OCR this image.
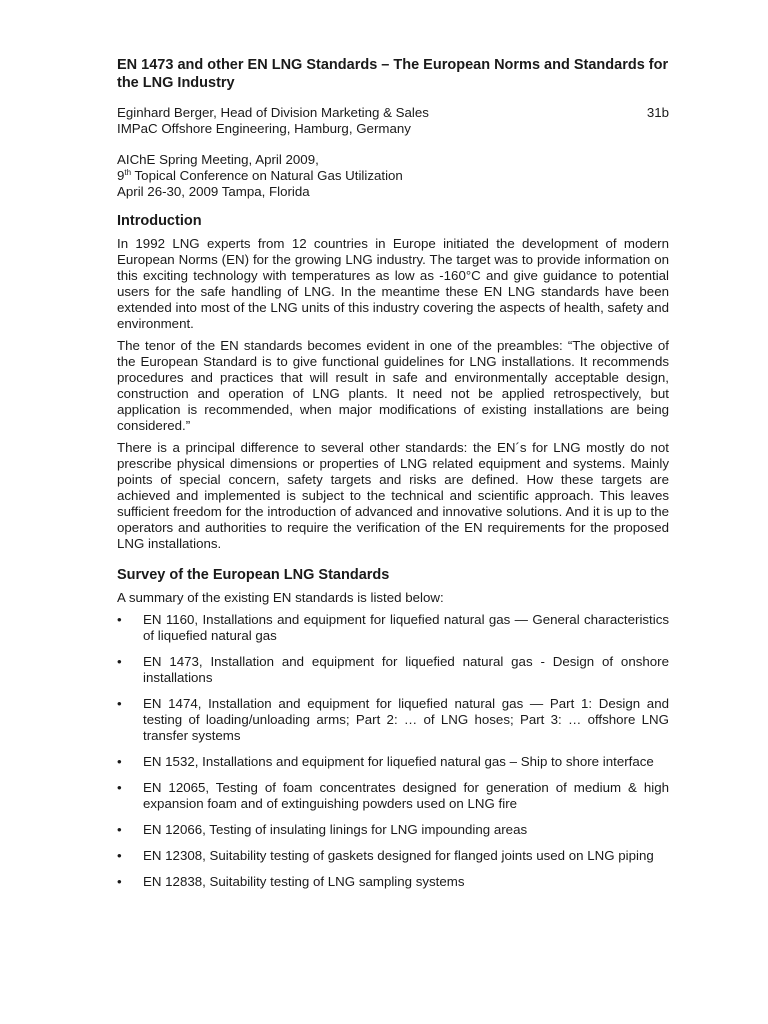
EN 1473 and other EN LNG Standards – The European Norms and Standards for the LNG Industry
Eginhard Berger, Head of Division Marketing & Sales	31b

IMPaC Offshore Engineering, Hamburg, Germany

AIChE Spring Meeting, April 2009,

9th Topical Conference on Natural Gas Utilization

April 26-30, 2009 Tampa, Florida

Introduction

In 1992 LNG experts from 12 countries in Europe initiated the development of modern European Norms (EN) for the growing LNG industry. The target was to provide information on this exciting technology with temperatures as low as -160°C and give guidance to potential users for the safe handling of LNG. In the meantime these EN LNG standards have been extended into most of the LNG units of this industry covering the aspects of health, safety and environment.

The tenor of the EN standards becomes evident in one of the preambles: “The objective of the European Standard is to give functional guidelines for LNG installations. It recommends procedures and practices that will result in safe and environmentally acceptable design, construction and operation of LNG plants. It need not be applied retrospectively, but application is recommended, when major modifications of existing installations are being considered.”

There is a principal difference to several other standards: the EN´s for LNG mostly do not prescribe physical dimensions or properties of LNG related equipment and systems. Mainly points of special concern, safety targets and risks are defined. How these targets are achieved and implemented is subject to the technical and scientific approach. This leaves sufficient freedom for the introduction of advanced and innovative solutions. And it is up to the operators and authorities to require the verification of the EN requirements for the proposed LNG installations.

Survey of the European LNG Standards

A summary of the existing EN standards is listed below:

•	EN 1160, Installations and equipment for liquefied natural gas — General characteristics of liquefied natural gas
•	EN 1473, Installation and equipment for liquefied natural gas - Design of onshore installations
•	EN 1474, Installation and equipment for liquefied natural gas — Part 1: Design and testing of loading/unloading arms; Part 2: … of LNG hoses; Part 3: … offshore LNG transfer systems
•	EN 1532, Installations and equipment for liquefied natural gas – Ship to shore interface
•	EN 12065, Testing of foam concentrates designed for generation of medium & high expansion foam and of extinguishing powders used on LNG fire
•	EN 12066, Testing of insulating linings for LNG impounding areas
•	EN 12308, Suitability testing of gaskets designed for flanged joints used on LNG piping
•	EN 12838, Suitability testing of LNG sampling systems
